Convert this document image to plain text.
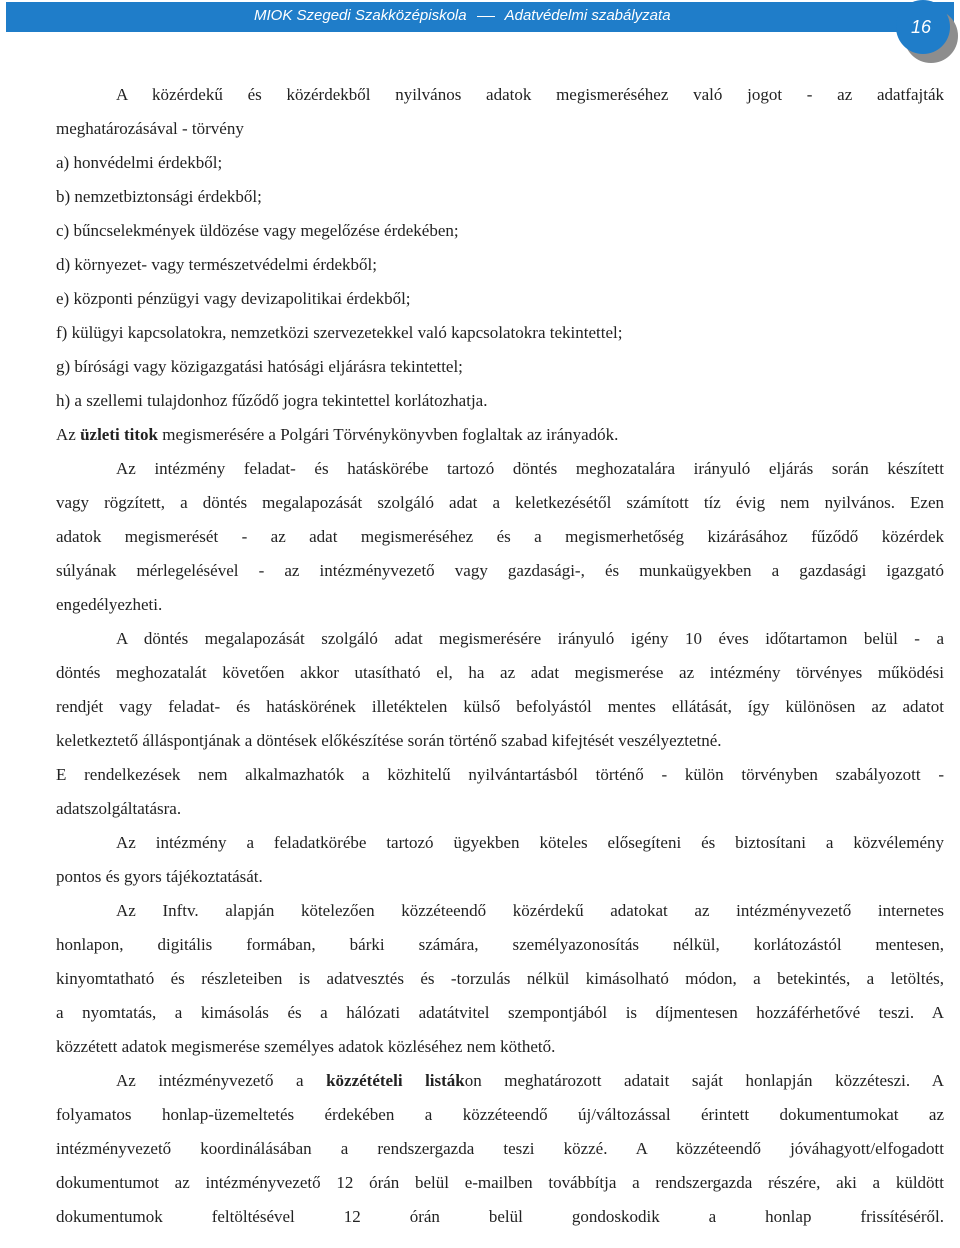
MIOK Szegedi Szakközépiskola	Adatvédelmi szabályzata
16
A közérdekű és közérdekből nyilvános adatok megismeréséhez való jogot - az adatfajták
meghatározásával - törvény
a) honvédelmi érdekből;
b) nemzetbiztonsági érdekből;
c) bűncselekmények üldözése vagy megelőzése érdekében;
d) környezet- vagy természetvédelmi érdekből;
e) központi pénzügyi vagy devizapolitikai érdekből;
f) külügyi kapcsolatokra, nemzetközi szervezetekkel való kapcsolatokra tekintettel;
g) bírósági vagy közigazgatási hatósági eljárásra tekintettel;
h) a szellemi tulajdonhoz fűződő jogra tekintettel korlátozhatja.
Az üzleti titok megismerésére a Polgári Törvénykönyvben foglaltak az irányadók.
Az intézmény feladat- és hatáskörébe tartozó döntés meghozatalára irányuló eljárás során készített
vagy rögzített, a döntés megalapozását szolgáló adat a keletkezésétől számított tíz évig nem nyilvános. Ezen
adatok megismerését - az adat megismeréséhez és a megismerhetőség kizárásához fűződő közérdek
súlyának mérlegelésével - az intézményvezető vagy gazdasági-, és munkaügyekben a gazdasági igazgató
engedélyezheti.
A döntés megalapozását szolgáló adat megismerésére irányuló igény 10 éves időtartamon belül - a
döntés meghozatalát követően akkor utasítható el, ha az adat megismerése az intézmény törvényes működési
rendjét vagy feladat- és hatáskörének illetéktelen külső befolyástól mentes ellátását, így különösen az adatot
keletkeztető álláspontjának a döntések előkészítése során történő szabad kifejtését veszélyeztetné.
E rendelkezések nem alkalmazhatók a közhitelű nyilvántartásból történő - külön törvényben szabályozott -
adatszolgáltatásra.
Az intézmény a feladatkörébe tartozó ügyekben köteles elősegíteni és biztosítani a közvélemény
pontos és gyors tájékoztatását.
Az Inftv. alapján kötelezően közzéteendő közérdekű adatokat az intézményvezető internetes
honlapon, digitális formában, bárki számára, személyazonosítás nélkül, korlátozástól mentesen,
kinyomtatható és részleteiben is adatvesztés és -torzulás nélkül kimásolható módon, a betekintés, a letöltés,
a nyomtatás, a kimásolás és a hálózati adatátvitel szempontjából is díjmentesen hozzáférhetővé teszi. A
közzétett adatok megismerése személyes adatok közléséhez nem köthető.
Az intézményvezető a közzétételi listákon meghatározott adatait saját honlapján közzéteszi. A
folyamatos honlap-üzemeltetés érdekében a közzéteendő új/változással érintett dokumentumokat az
intézményvezető koordinálásában a rendszergazda teszi közzé. A közzéteendő jóváhagyott/elfogadott
dokumentumot az intézményvezető 12 órán belül e-mailben továbbítja a rendszergazda részére, aki a küldött
dokumentumok feltöltésével 12 órán belül gondoskodik a honlap frissítéséről.
